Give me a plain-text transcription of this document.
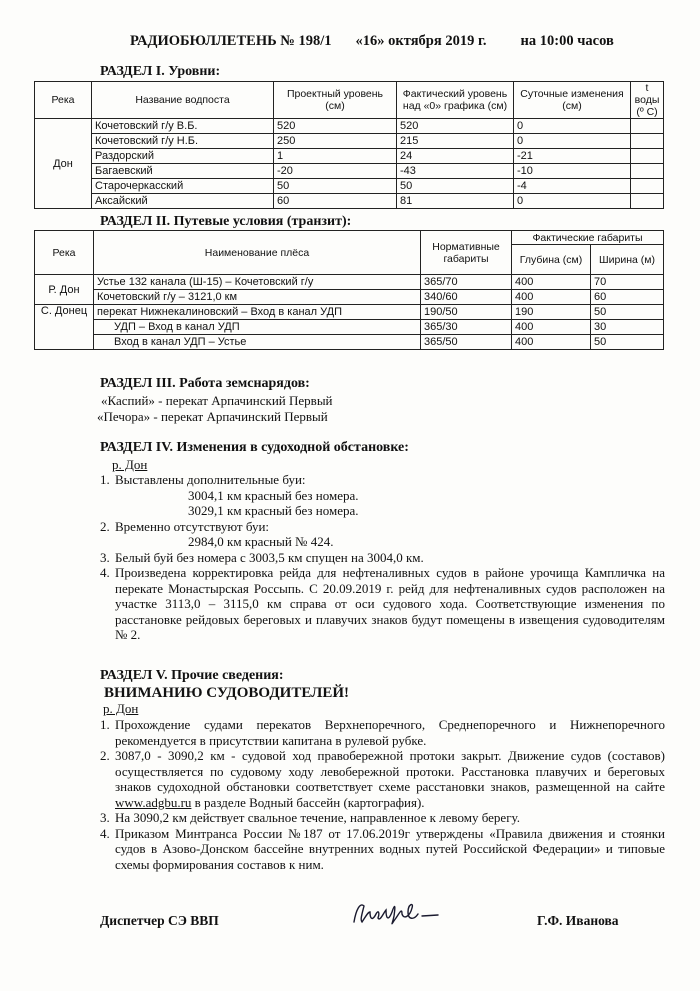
РАДИОБЮЛЛЕТЕНЬ № 198/1 «16» октября 2019 г. на 10:00 часов
РАЗДЕЛ I. Уровни:
Река	Название водпоста	Проектный уровень (см)	Фактический уровень над «0» графика (см)	Суточные изменения (см)	t воды (º С)
Дон	Кочетовский г/у В.Б.	520	520	0	
	Кочетовский г/у Н.Б.	250	215	0	
	Раздорский	1	24	-21	
	Багаевский	-20	-43	-10	
	Старочеркасский	50	50	-4	
	Аксайский	60	81	0	
РАЗДЕЛ II. Путевые условия (транзит):
Река	Наименование плёса	Нормативные габариты	Фактические габариты	
			Глубина (см)	Ширина (м)
Р. Дон	Устье 132 канала (Ш-15) – Кочетовский г/у	365/70	400	70
	Кочетовский г/у – 3121,0 км	340/60	400	60
С. Донец	перекат Нижнекалиновский – Вход в канал УДП	190/50	190	50
	УДП – Вход в канал УДП	365/30	400	30
	Вход в канал УДП – Устье	365/50	400	50
РАЗДЕЛ III. Работа земснарядов:
«Каспий» - перекат Арпачинский Первый
«Печора» - перекат Арпачинский Первый
РАЗДЕЛ IV. Изменения в судоходной обстановке:
р. Дон
1. Выставлены дополнительные буи:
3004,1 км красный без номера.
3029,1 км красный без номера.
2. Временно отсутствуют буи:
2984,0 км красный № 424.
3. Белый буй без номера с 3003,5 км спущен на 3004,0 км.
4. Произведена корректировка рейда для нефтеналивных судов в районе урочища Кампличка на перекате Монастырская Россыпь. С 20.09.2019 г. рейд для нефтеналивных судов расположен на участке 3113,0 – 3115,0 км справа от оси судового хода. Соответствующие изменения по расстановке рейдовых береговых и плавучих знаков будут помещены в извещения судоводителям № 2.
РАЗДЕЛ V. Прочие сведения:
ВНИМАНИЮ СУДОВОДИТЕЛЕЙ!
р. Дон
1. Прохождение судами перекатов Верхнепоречного, Среднепоречного и Нижнепоречного рекомендуется в присутствии капитана в рулевой рубке.
2. 3087,0 - 3090,2 км - судовой ход правобережной протоки закрыт. Движение судов (составов) осуществляется по судовому ходу левобережной протоки. Расстановка плавучих и береговых знаков судоходной обстановки соответствует схеме расстановки знаков, размещенной на сайте www.adgbu.ru в разделе Водный бассейн (картография).
3. На 3090,2 км действует свальное течение, направленное к левому берегу.
4. Приказом Минтранса России №187 от 17.06.2019г утверждены «Правила движения и стоянки судов в Азово-Донском бассейне внутренних водных путей Российской Федерации» и типовые схемы формирования составов к ним.
Диспетчер СЭ ВВП	Г.Ф. Иванова
